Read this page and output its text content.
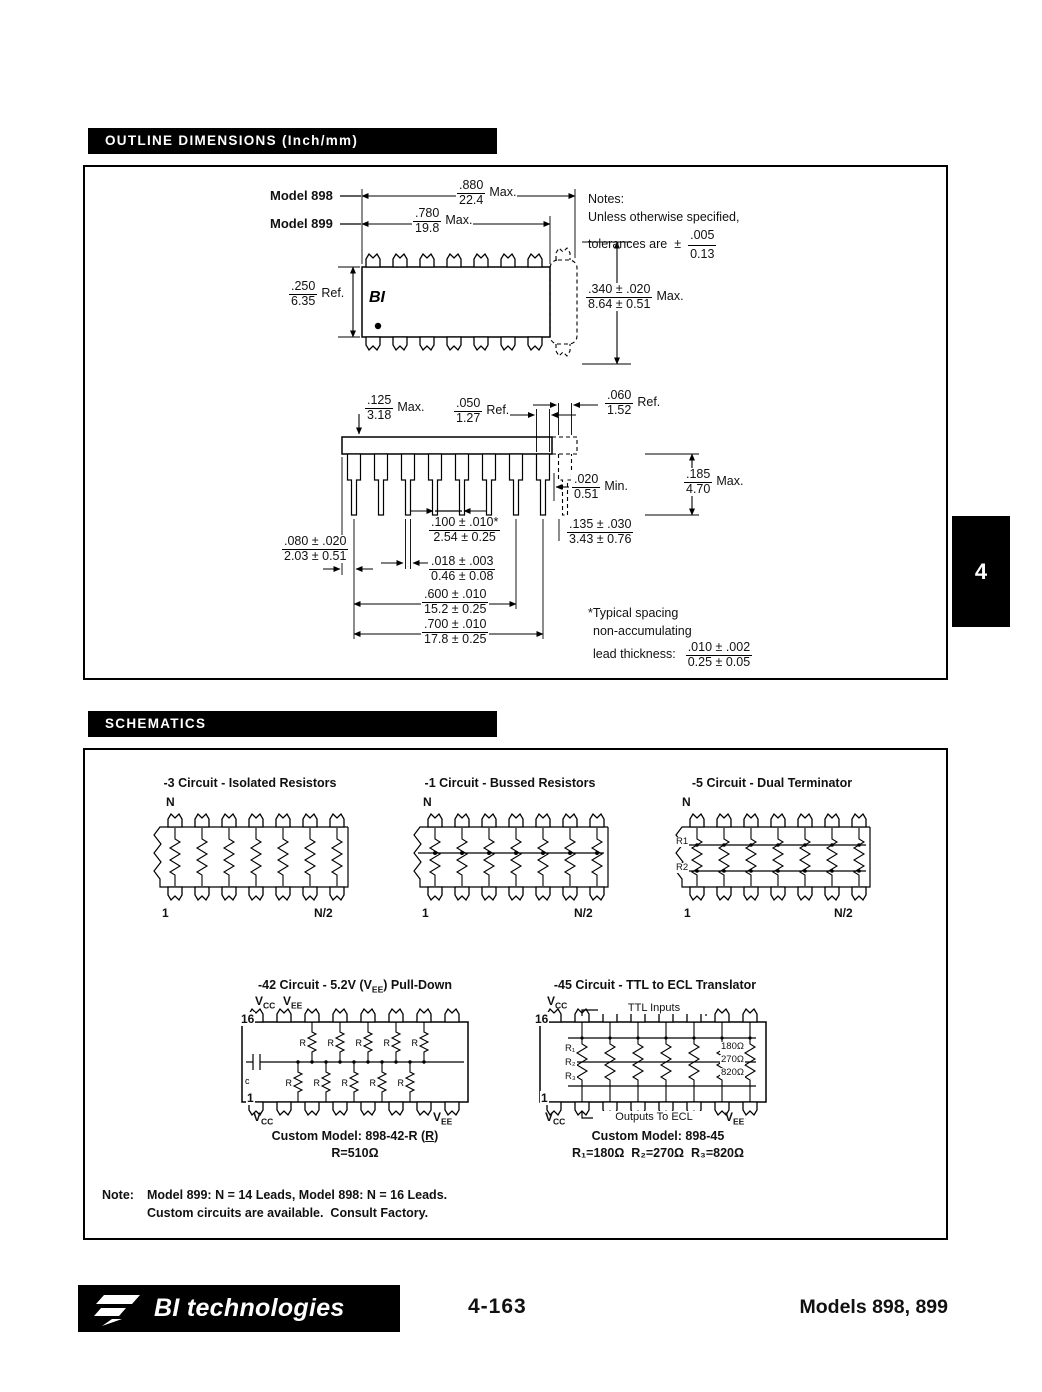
OUTLINE DIMENSIONS (Inch/mm)
BI
Model 898
Model 899
$\frac{.880}{22.4}$ Max.
$\frac{.780}{19.8}$ Max.
Notes:
Unless otherwise specified,
tolerances are ± $\frac{.005}{0.13}$
$\frac{.250}{6.35}$ Ref.	$\frac{.340 \pm .020}{8.64 \pm 0.51}$ Max.
$\frac{.125}{3.18}$ Max. $\frac{.050}{1.27}$ Ref.	$\frac{.060}{1.52}$ Ref.
$\frac{.020}{0.51}$ Min.	$\frac{.185}{4.70}$ Max.
$\frac{.100 \pm .010*}{2.54 \pm 0.25}$
$\frac{.018 \pm .003}{0.46 \pm 0.08}$
$\frac{.080 \pm .020}{2.03 \pm 0.51}$
$\frac{.600 \pm .010}{15.2 \pm 0.25}$
$\frac{.700 \pm .010}{17.8 \pm 0.25}$
$\frac{.135 \pm .030}{3.43 \pm 0.76}$
*Typical spacing
non-accumulating
lead thickness: $\frac{.010 \pm .002}{0.25 \pm 0.05}$
4
SCHEMATICS
-3 Circuit - Isolated Resistors
N
1	N/2
-1 Circuit - Bussed Resistors
N
1	N/2
-5 Circuit - Dual Terminator
N
R1
R2
1	N/2
R R R R R
R R R R R
c
-42 Circuit - 5.2V $(V_{EE})$ Pull-Down
$V_{CC}$ $V_{EE}$
16
1
$V_{CC}$	$V_{EE}$
Custom Model: 898-42-R (R)
R=510Ω
-45 Circuit - TTL to ECL Translator
$V_{CC}$	TTL Inputs
16
R₁
R₂
R₃
180Ω
270Ω
820Ω
1
$V_{CC}$	Outputs To ECL	$V_{EE}$
Custom Model: 898-45
R₁=180Ω  R₂=270Ω  R₃=820Ω
Note: Model 899: N = 14 Leads, Model 898: N = 16 Leads.
Custom circuits are available.  Consult Factory.
BI technologies	4-163	Models 898, 899
